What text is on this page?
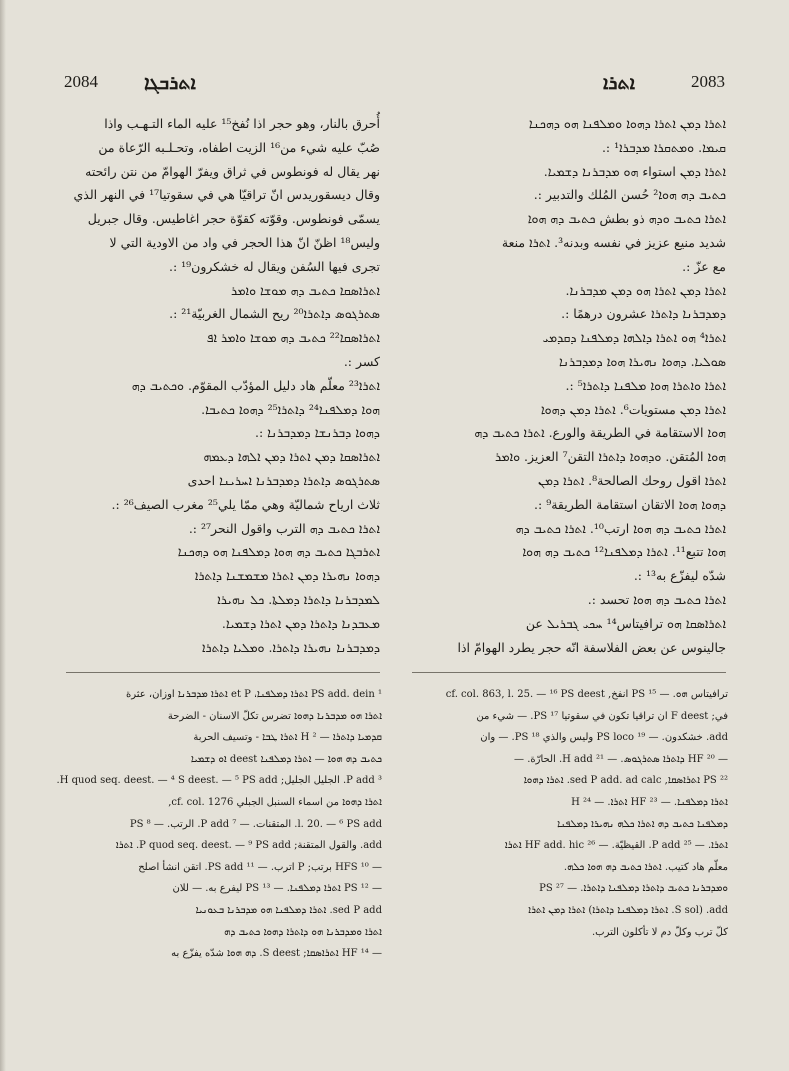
2084 ܐܬܪܒܓܐ	ܐܬܪܐ	2083
أُحرق بالنار، وهو حجر اذا نُفخ¹⁵ عليه الماء التـهـب واذا
صُبّ عليه شيء من¹⁶ الزيت اطفاه، وتحـلـبه الرّعاة من
نهر يقال له فونطوس في ثراق ويفرّ الهوامّ من نتن رائحته
وقال ديسقوريدس انّ تراقيّا هي في سقوتيا¹⁷ في النهر الذي
يسمّى فونطوس. وقوّته كقوّة حجر اغاطيس. وقال جبريل
وليس¹⁸ اظنّ انّ هذا الحجر في واد من الاودية التي لا
تجرى فيها السُفن ويقال له خشكرون¹⁹ :.
ܐܬܪܐܣܩܐ ܟܬܝܒ ܕܗ ܡܘܫܐ ܘܐܡܪ
ܣܬܪܓܘܣ ܕܐܬܪܐ²⁰ ريح الشمال الغربيّة²¹ :.
ܐܬܪܐܣܩܐ²² ܟܬܝܒ ܕܗ ܡܘܫܐ ܘܐܡܪ ܐܦ
كسر :.
ܐܬܪܐ²³ معلّم هاد دليل المؤدّب المقوّم. ܘܟܬܝܒ ܕܗ
ܗܘܐ ܕܡܠܦܢܐ²⁴ ܕܐܬܪܐ²⁵ ܕܗܘܐ ܟܬܝܒܐ.
ܕܗܘܐ ܕܒܪܢܫܐ ܕܡܕܒܪܢܐ :.
ܐܬܪܐܣܩܐ ܕܡܢ ܐܬܪܐ ܕܡܢ ܐܠܗܐ ܕܥܡܗ
ܣܬܪܓܘܣ ܕܐܬܪܐ ܕܡܕܒܪܢܐ ܐܚܪܝܢܐ احدى
ثلاث ارياح شماليّة وهي ممّا يلي²⁵ مغرب الصيف²⁶ :.
ܐܬܪܐ ܟܬܝܒ ܕܗ الترب واقول النحر²⁷ :.
ܐܬܪܒܓܐ ܟܬܝܒ ܕܗ ܗܘܐ ܕܡܠܦܢܐ ܗܘ ܕܗܟܢܐ
ܕܗܘܐ ܢܗܝܪܐ ܕܡܢ ܐܬܪܐ ܡܫܡܫܢܐ ܕܐܬܪܐ
ܠܡܕܒܪܢܐ ܕܐܬܪܐ ܕܡܠܬܐ. ܟܠ ܢܗܝܪܐ
ܡܥܒܕܢܐ ܕܐܬܪܐ ܕܡܢ ܐܬܪܐ ܕܫܡܝܐ.
ܕܡܕܒܪܢܐ ܢܗܝܪܐ ܕܐܬܪܐ. ܘܡܠܝܐ ܕܐܬܪܐ
ܐܬܪܐ ܕܡܢ ܐܬܪܐ ܕܗܘܐ ܘܡܠܦܢܐ ܗܘ ܕܗܟܢܐ
ܩܝܡܐ. ܘܡܬܩܪܐ ܡܕܒܪܐ¹ :.
ܐܬܪܐ ܕܡܢ استواء ܗܘ ܡܕܒܪܢܐ ܕܫܡܝܐ.
ܟܬܝܒ ܕܗ ܗܘܐ² حُسن المُلك والتدبير :.
ܐܬܪܐ ܟܬܝܒ ܘܕܗ ذو بطش ܟܬܝܒ ܕܗ ܗܘܐ
شديد منيع عزيز في نفسه وبدنه³. ܐܬܪܐ منعة
مع عزّ :.
ܐܬܪܐ ܕܡܢ ܐܬܪܐ ܗܘ ܕܡܢ ܡܕܒܪܢܐ.
ܕܡܕܒܪܢܐ ܕܐܬܪܐ عشرون درهمًا :.
ܐܬܪܐ⁴ ܗܘ ܐܬܪܐ ܕܐܠܗܐ ܕܡܠܦܢܐ ܕܩܕܡܝ
ܣܘܠܝܐ. ܕܗܘܐ ܢܗܝܪܐ ܗܘܐ ܕܡܕܒܪܢܐ
ܐܬܪܐ ܘܐܬܪܐ ܗܘܐ ܡܠܦܢܐ ܕܐܬܪܐ⁵ :.
ܐܬܪܐ ܕܡܢ مستويات⁶. ܐܬܪܐ ܕܡܢ ܕܗܘܐ
ܗܘܐ الاستقامة في الطريقة والورع. ܐܬܪܐ ܟܬܝܒ ܕܗ
ܗܘܐ المُتقن. ܘܕܗܘܐ ܕܐܬܪܐ التقن⁷ العزيز. ܘܐܡܪ
ܐܬܪܐ اقول روحك الصالحة⁸. ܐܬܪܐ ܕܡܢ
ܕܗܘܐ ܗܘܐ الاتقان استقامة الطريقة⁹ :.
ܐܬܪܐ ܟܬܝܒ ܕܗ ܗܘܐ ارتب¹⁰. ܐܬܪܐ ܟܬܝܒ ܕܗ
ܗܘܐ تتبع¹¹. ܐܬܪܐ ܕܡܠܦܢܐ¹² ܟܬܝܒ ܕܗ ܗܘܐ
شدّه ليفزّع به¹³ :.
ܐܬܪܐ ܟܬܝܒ ܕܗ ܗܘܐ تحسد :.
ܐܬܪܐܣܩܐ ܗܘ ترافيتاس¹⁴ ܚܟܝ ܓܒܪܝܠ عن
جالينوس عن بعض الفلاسفة انّه حجر يطرد الهوامّ اذا
¹ PS add. dein ܐܬܪܐ ܕܡܠܦܢܐ، et P ܐܬܪܐ ܡܕܒܪܢܐ اوزان، عثرة
ܐܬܪܐ ܗܘ ܡܕܒܪܢܐ ܕܗܘܐ تضرس تكلّ الاسنان - الضرحة
ܩܕܡܝܐ ܕܐܬܪܐ — ² H ܐܬܪܐ ܛܒܐ - وتسيف الحربة
ܟܬܝܒ ܕܗ ܗܘܐ — ܐܬܪܐ ܕܡܠܦܢܐ deest ܐܘ ܕܫܡܝܐ
³ P add. الجليل الجليل; H quod seq. deest. — ⁴ S deest. — ⁵ PS add.
ܐܬܪܐ ܕܗܘܐ من اسماء السنبل الجبلي cf. col. 1276,
l. 20. — ⁶ PS add. المتقنات. — ⁷ P add. الرتب. — ⁸ PS
add. والقول المتقنة; P quod seq. deest. — ⁹ PS add. ܐܬܪܐ
— ¹⁰ HFS برتب; P اترب. — ¹¹ PS add. اتقن انشأ اصلح
— ¹² PS ܐܬܪܐ ܕܡܠܦܢܐ. — ¹³ PS ليفرع به. — للان
sed P add. ܐܬܪܐ ܕܡܠܦܢܐ ܗܘ ܡܕܒܪܢܐ ܒܥܘܢܝܐ
ܐܬܪܐ ܘܡܕܒܪܢܐ ܗܘ ܕܐܬܪܐ ܕܗܘܐ ܟܬܝܒ ܕܗ
— ¹⁴ HF ܐܬܪܐܣܩܐ; S deest. ܕܗ ܗܘܐ شدّه يفزّع به
ترافيتاس ܗܘ. — ¹⁵ PS انفخ, cf. col. 863, l. 25. — ¹⁶ PS deest
في; F deest ان تراقيا تكون في سقوتيا ¹⁷ PS. — شيء من
add. خشكدون. — ¹⁹ PS loco وليس والذي ¹⁸ PS. — وان
— ²⁰ HF ܕܐܬܪܐ ܣܬܪܓܘܣ. — ²¹ H add. الحارّة. —
²² PS ܐܬܪܐܣܩܐ, sed P add. ad calc. ܐܬܪܐ ܕܗܘܐ
ܐܬܪܐ ܕܡܠܦܢܐ. — ²³ HF ܐܬܪܐ. — ²⁴ H
ܕܡܠܦܢܐ ܟܬܝܒ ܕܗ ܐܬܪܐ ܟܠܗ ܢܗܝܪܐ ܕܡܠܦܢܐ
ܐܬܪܐ. — ²⁵ P add. القيظيّة. — ²⁶ HF add. hic ܐܬܪܐ
معلّم هاد كتيب. ܐܬܪܐ ܟܬܝܒ ܕܗ ܗܘܐ ܟܠܗ.
ܘܡܕܒܪܢܐ ܟܬܝܒ ܕܐܬܪܐ ܕܡܠܦܢܐ ܕܐܬܪܐ. — ²⁷ PS
add. (S sol. ܐܬܪܐ ܕܡܠܦܢܐ ܕܐܬܪܐ) ܐܬܪܐ ܕܡܢ ܐܬܪܐ
كلّ ترب وكلّ دم لا تأكلون الترب.
